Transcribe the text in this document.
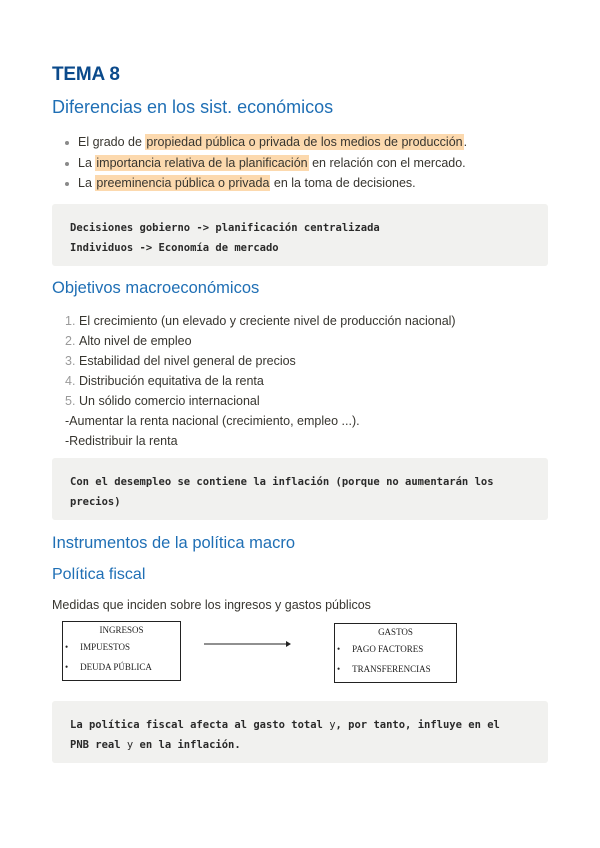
TEMA 8
Diferencias en los sist. económicos
El grado de propiedad pública o privada de los medios de producción.
La importancia relativa de la planificación en relación con el mercado.
La preeminencia pública o privada en la toma de decisiones.
Decisiones gobierno -> planificación centralizada
Individuos -> Economía de mercado
Objetivos macroeconómicos
1. El crecimiento (un elevado y creciente nivel de producción nacional)
2. Alto nivel de empleo
3. Estabilidad del nivel general de precios
4. Distribución equitativa de la renta
5. Un sólido comercio internacional
-Aumentar la renta nacional (crecimiento, empleo ...).
-Redistribuir la renta
Con el desempleo se contiene la inflación (porque no aumentarán los
precios)
Instrumentos de la política macro
Política fiscal
Medidas que inciden sobre los ingresos y gastos públicos
INGRESOS
• IMPUESTOS
• DEUDA PÚBLICA
GASTOS
• PAGO FACTORES
• TRANSFERENCIAS
La política fiscal afecta al gasto total y, por tanto, influye en el
PNB real y en la inflación.
